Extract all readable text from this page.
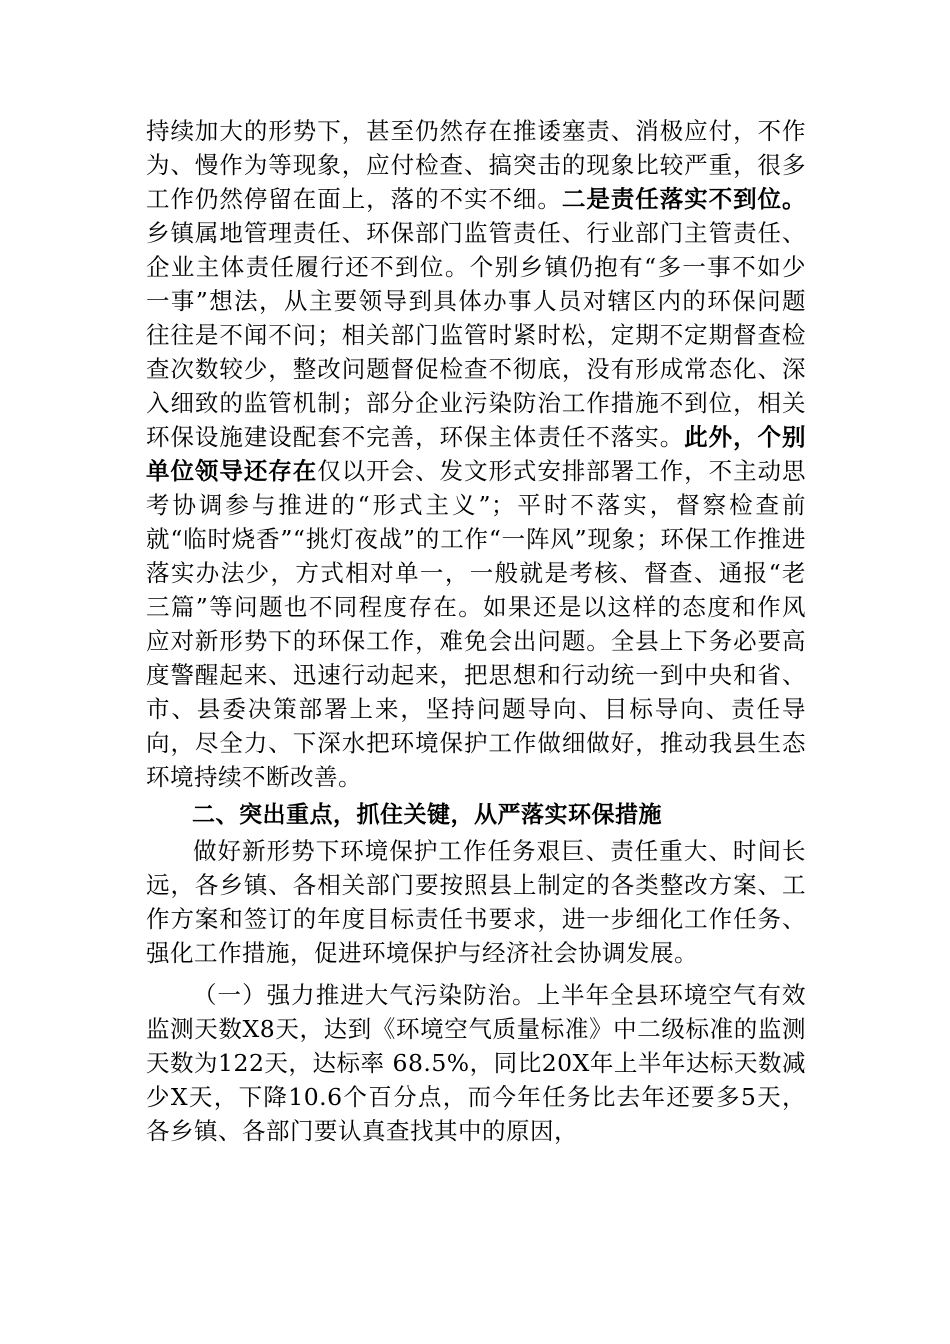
持续加大的形势下，甚至仍然存在推诿塞责、消极应付，不作为、慢作为等现象，应付检查、搞突击的现象比较严重，很多工作仍然停留在面上，落的不实不细。二是责任落实不到位。乡镇属地管理责任、环保部门监管责任、行业部门主管责任、企业主体责任履行还不到位。个别乡镇仍抱有“多一事不如少一事”想法，从主要领导到具体办事人员对辖区内的环保问题往往是不闻不问；相关部门监管时紧时松，定期不定期督查检查次数较少，整改问题督促检查不彻底，没有形成常态化、深入细致的监管机制；部分企业污染防治工作措施不到位，相关环保设施建设配套不完善，环保主体责任不落实。此外，个别单位领导还存在仅以开会、发文形式安排部署工作，不主动思考协调参与推进的“形式主义”；平时不落实，督察检查前就“临时烧香”“挑灯夜战”的工作“一阵风”现象；环保工作推进落实办法少，方式相对单一，一般就是考核、督查、通报“老三篇”等问题也不同程度存在。如果还是以这样的态度和作风应对新形势下的环保工作，难免会出问题。全县上下务必要高度警醒起来、迅速行动起来，把思想和行动统一到中央和省、市、县委决策部署上来，坚持问题导向、目标导向、责任导向，尽全力、下深水把环境保护工作做细做好，推动我县生态环境持续不断改善。

二、突出重点，抓住关键，从严落实环保措施

做好新形势下环境保护工作任务艰巨、责任重大、时间长远，各乡镇、各相关部门要按照县上制定的各类整改方案、工作方案和签订的年度目标责任书要求，进一步细化工作任务、强化工作措施，促进环境保护与经济社会协调发展。

（一）强力推进大气污染防治。上半年全县环境空气有效监测天数X8天，达到《环境空气质量标准》中二级标准的监测天数为122天，达标率 68.5%，同比20X年上半年达标天数减少X天，下降10.6个百分点，而今年任务比去年还要多5天，各乡镇、各部门要认真查找其中的原因，
